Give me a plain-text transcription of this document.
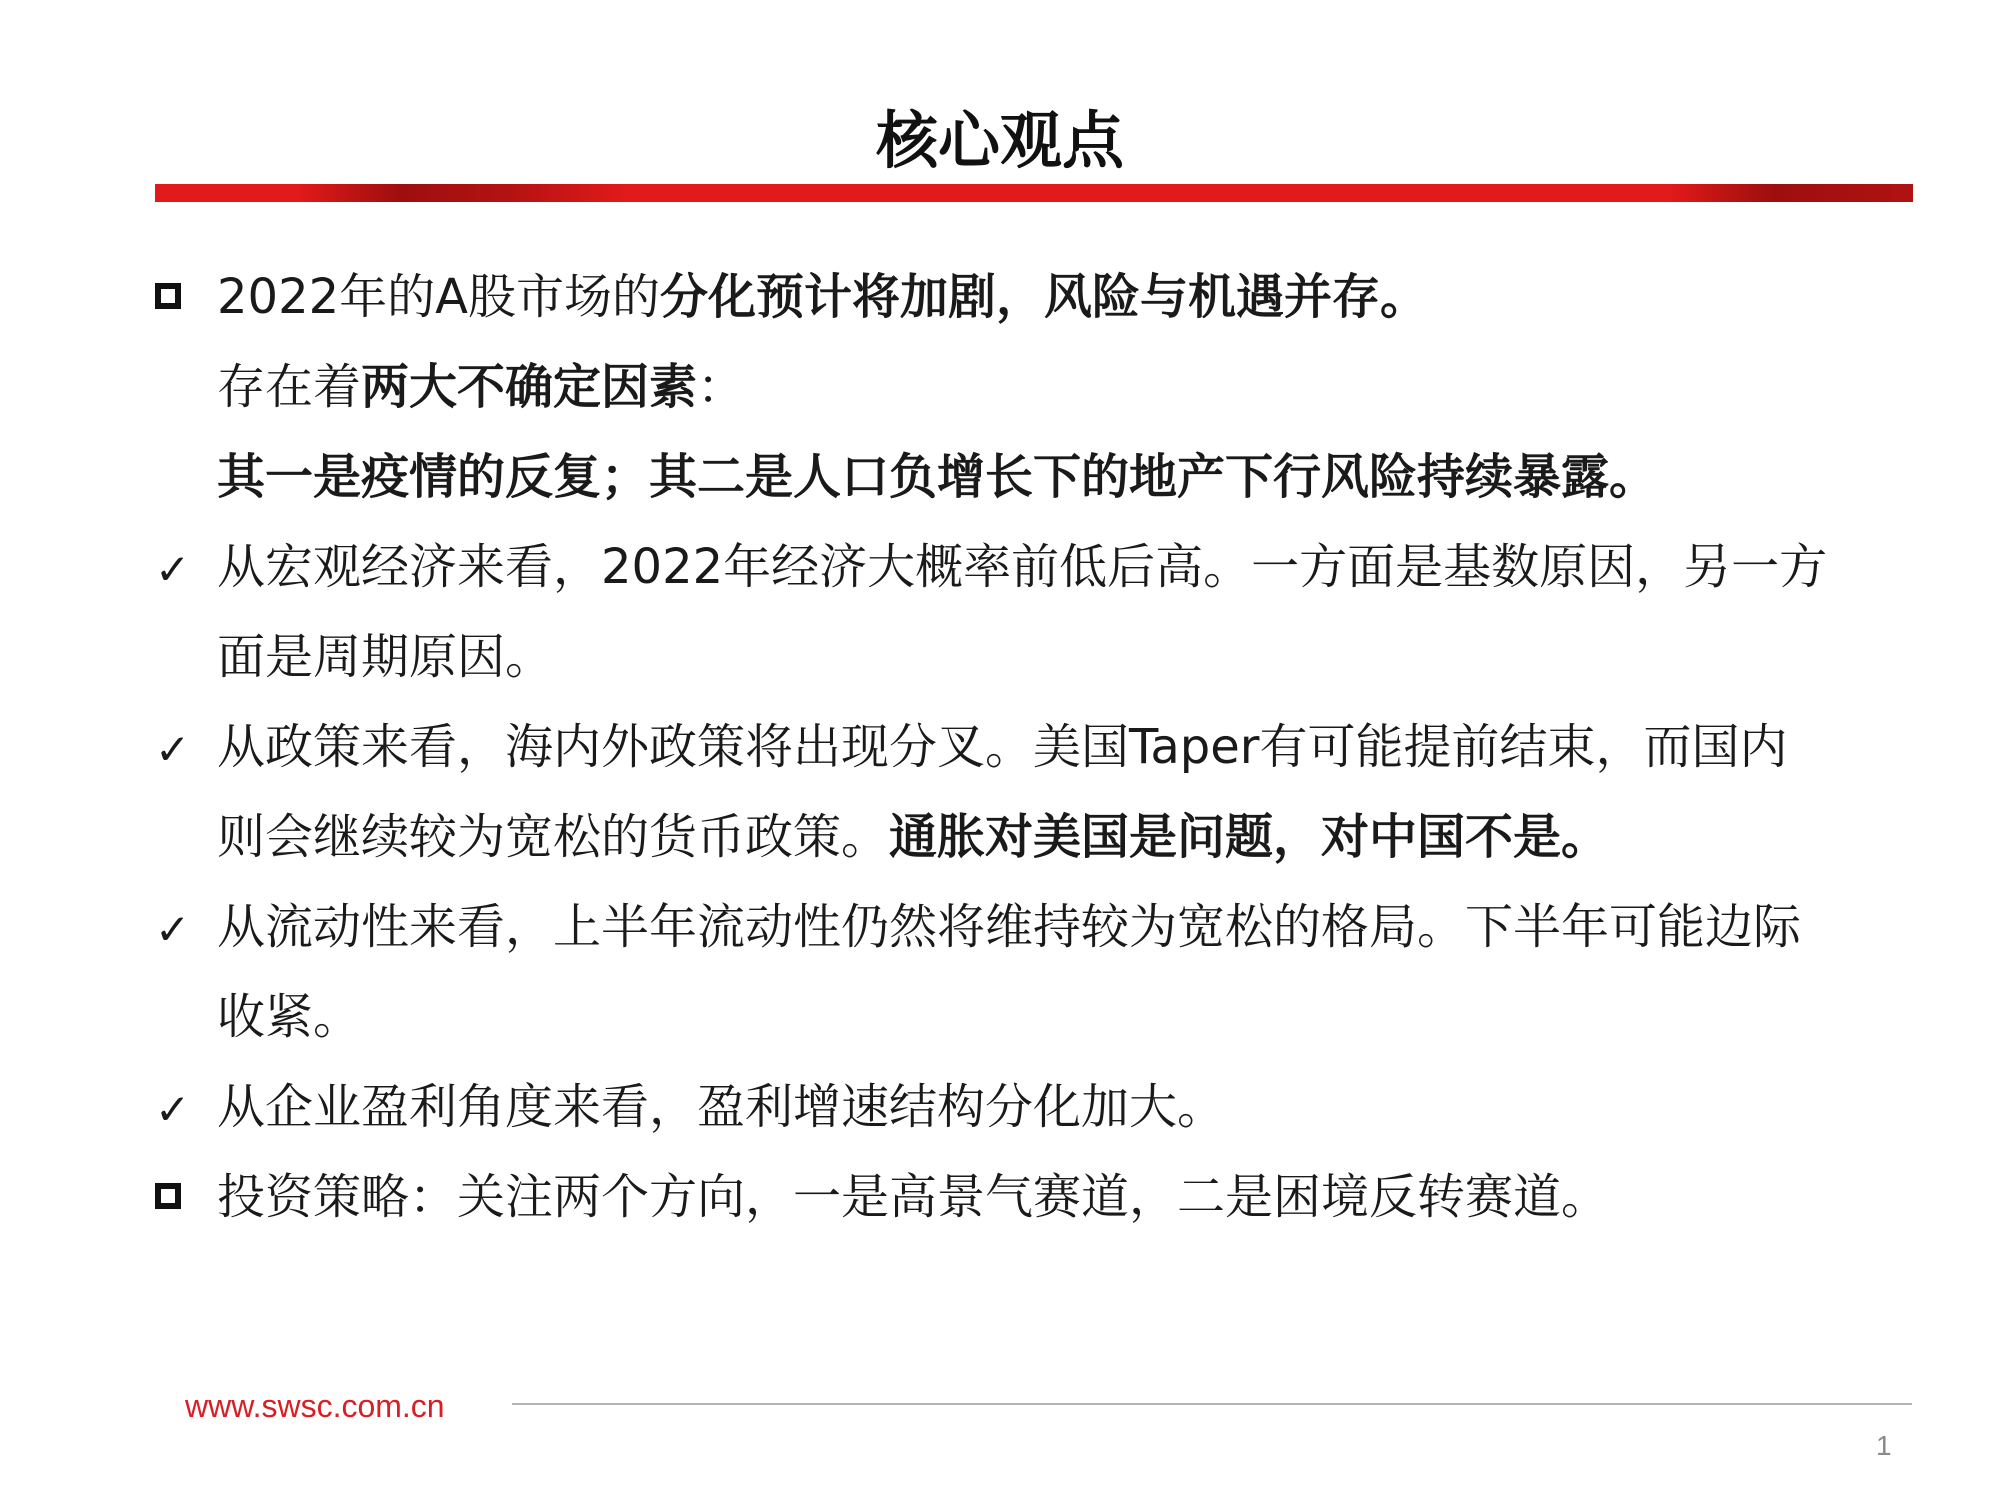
核心观点
2022年的A股市场的分化预计将加剧，风险与机遇并存。
存在着两大不确定因素：
其一是疫情的反复；其二是人口负增长下的地产下行风险持续暴露。
✓ 从宏观经济来看，2022年经济大概率前低后高。一方面是基数原因，另一方
面是周期原因。
✓ 从政策来看，海内外政策将出现分叉。美国Taper有可能提前结束，而国内
则会继续较为宽松的货币政策。通胀对美国是问题，对中国不是。
✓ 从流动性来看，上半年流动性仍然将维持较为宽松的格局。下半年可能边际
收紧。
✓ 从企业盈利角度来看，盈利增速结构分化加大。
投资策略：关注两个方向，一是高景气赛道，二是困境反转赛道。
www.swsc.com.cn
1
